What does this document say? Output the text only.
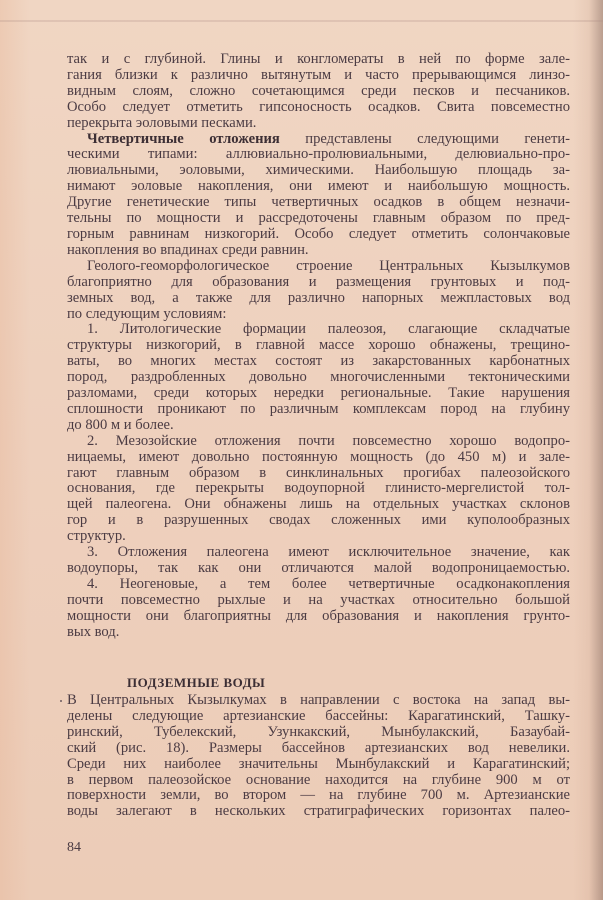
так и с глубиной. Глины и конгломераты в ней по форме зале-
гания близки к различно вытянутым и часто прерывающимся линзо-
видным слоям, сложно сочетающимся среди песков и песчаников.
Особо следует отметить гипсоносность осадков. Свита повсеместно
перекрыта эоловыми песками.
Четвертичные отложения представлены следующими генети-
ческими типами: аллювиально-пролювиальными, делювиально-про-
лювиальными, эоловыми, химическими. Наибольшую площадь за-
нимают эоловые накопления, они имеют и наибольшую мощность.
Другие генетические типы четвертичных осадков в общем незначи-
тельны по мощности и рассредоточены главным образом по пред-
горным равнинам низкогорий. Особо следует отметить солончаковые
накопления во впадинах среди равнин.
Геолого-геоморфологическое строение Центральных Кызылкумов
благоприятно для образования и размещения грунтовых и под-
земных вод, а также для различно напорных межпластовых вод
по следующим условиям:
1. Литологические формации палеозоя, слагающие складчатые
структуры низкогорий, в главной массе хорошо обнажены, трещино-
ваты, во многих местах состоят из закарстованных карбонатных
пород, раздробленных довольно многочисленными тектоническими
разломами, среди которых нередки региональные. Такие нарушения
сплошности проникают по различным комплексам пород на глубину
до 800 м и более.
2. Мезозойские отложения почти повсеместно хорошо водопро-
ницаемы, имеют довольно постоянную мощность (до 450 м) и зале-
гают главным образом в синклинальных прогибах палеозойского
основания, где перекрыты водоупорной глинисто-мергелистой тол-
щей палеогена. Они обнажены лишь на отдельных участках склонов
гор и в разрушенных сводах сложенных ими куполообразных
структур.
3. Отложения палеогена имеют исключительное значение, как
водоупоры, так как они отличаются малой водопроницаемостью.
4. Неогеновые, а тем более четвертичные осадконакопления
почти повсеместно рыхлые и на участках относительно большой
мощности они благоприятны для образования и накопления грунто-
вых вод.
ПОДЗЕМНЫЕ ВОДЫ
В Центральных Кызылкумах в направлении с востока на запад вы-
делены следующие артезианские бассейны: Карагатинский, Ташку-
ринский, Тубелекский, Узункакский, Мынбулакский, Базаубай-
ский (рис. 18). Размеры бассейнов артезианских вод невелики.
Среди них наиболее значительны Мынбулакский и Карагатинский;
в первом палеозойское основание находится на глубине 900 м от
поверхности земли, во втором — на глубине 700 м. Артезианские
воды залегают в нескольких стратиграфических горизонтах палео-
84
